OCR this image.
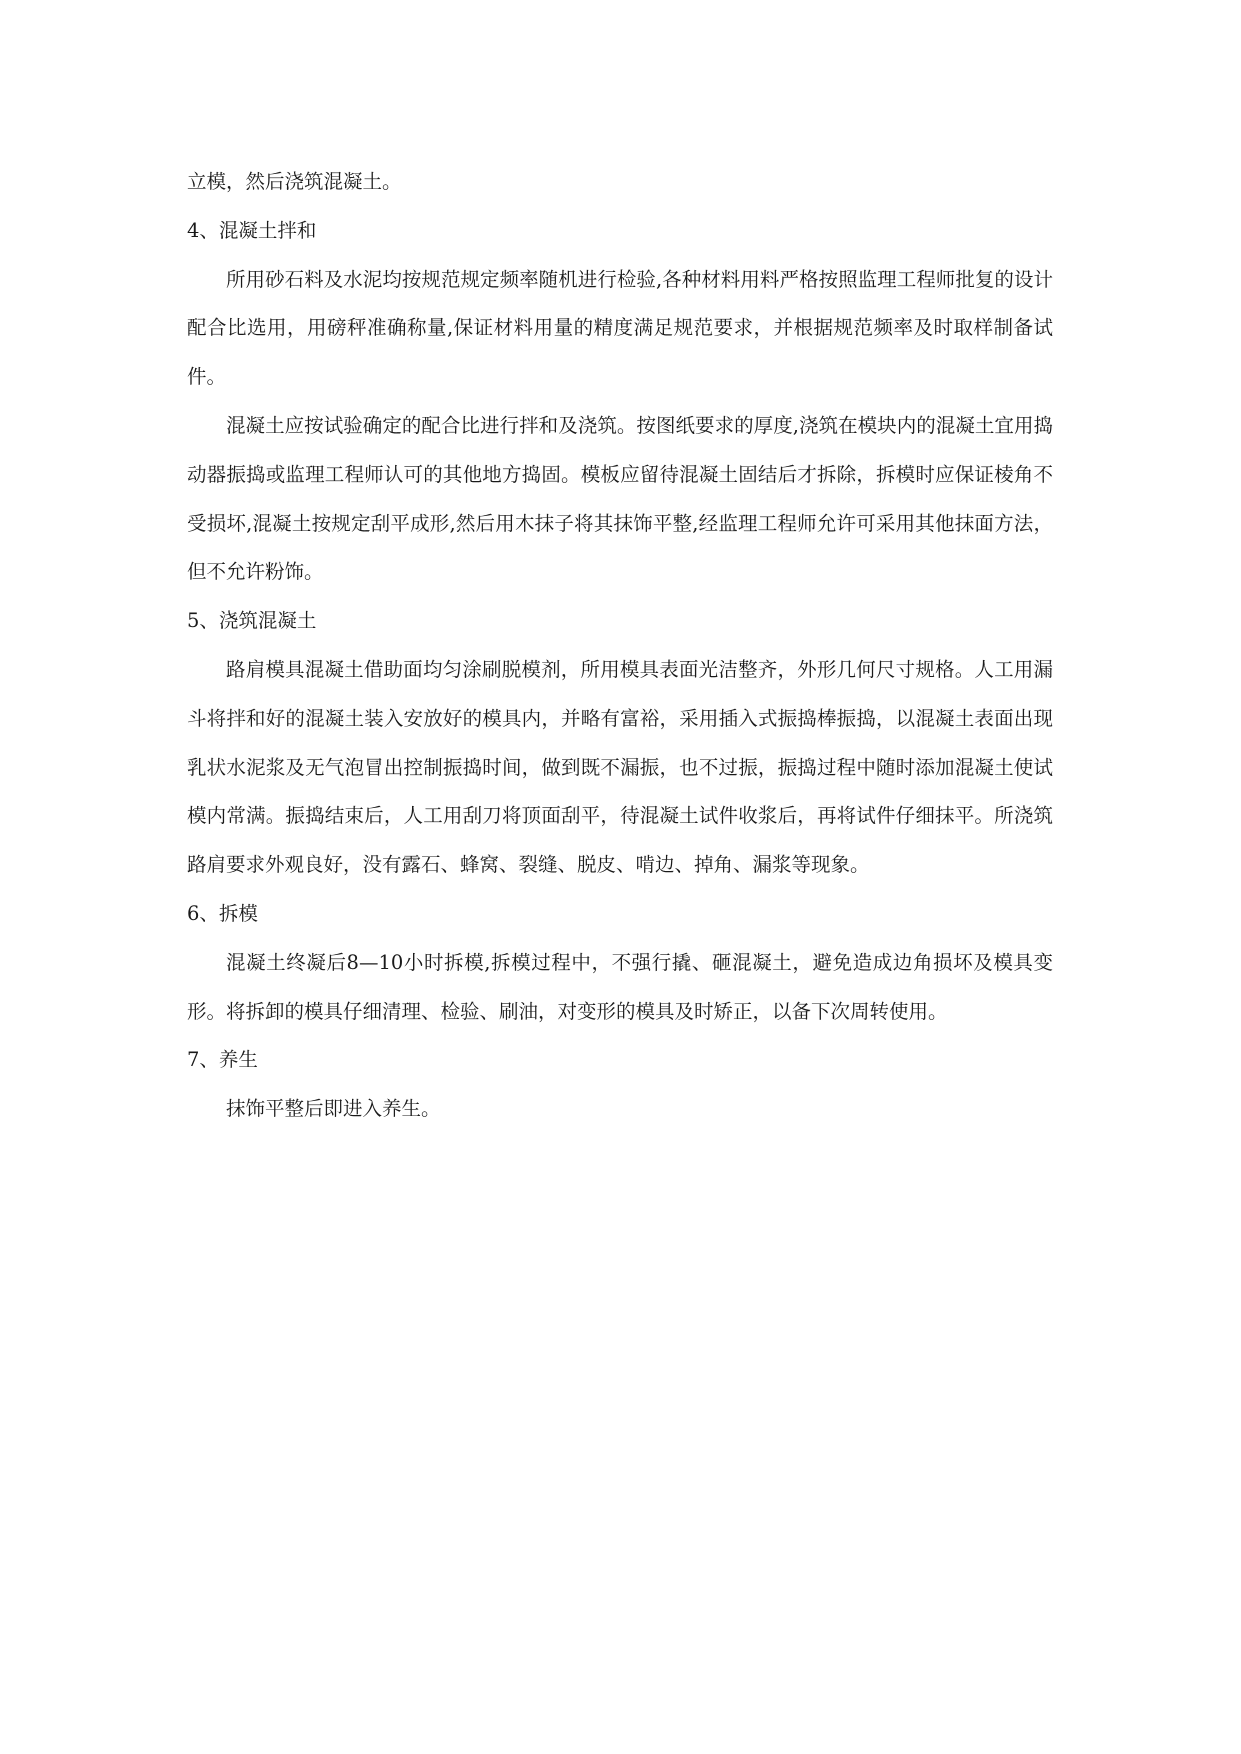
立模，然后浇筑混凝土。

4、混凝土拌和

所用砂石料及水泥均按规范规定频率随机进行检验,各种材料用料严格按照监理工程师批复的设计配合比选用，用磅秤准确称量,保证材料用量的精度满足规范要求，并根据规范频率及时取样制备试件。

混凝土应按试验确定的配合比进行拌和及浇筑。按图纸要求的厚度,浇筑在模块内的混凝土宜用捣动器振捣或监理工程师认可的其他地方捣固。模板应留待混凝土固结后才拆除，拆模时应保证棱角不受损坏,混凝土按规定刮平成形,然后用木抹子将其抹饰平整,经监理工程师允许可采用其他抹面方法，但不允许粉饰。

5、浇筑混凝土

路肩模具混凝土借助面均匀涂刷脱模剂，所用模具表面光洁整齐，外形几何尺寸规格。人工用漏斗将拌和好的混凝土装入安放好的模具内，并略有富裕，采用插入式振捣棒振捣，以混凝土表面出现乳状水泥浆及无气泡冒出控制振捣时间，做到既不漏振，也不过振，振捣过程中随时添加混凝土使试模内常满。振捣结束后，人工用刮刀将顶面刮平，待混凝土试件收浆后，再将试件仔细抹平。所浇筑路肩要求外观良好，没有露石、蜂窝、裂缝、脱皮、啃边、掉角、漏浆等现象。

6、拆模

混凝土终凝后8—10小时拆模,拆模过程中，不强行撬、砸混凝土，避免造成边角损坏及模具变形。将拆卸的模具仔细清理、检验、刷油，对变形的模具及时矫正，以备下次周转使用。

7、养生

抹饰平整后即进入养生。
